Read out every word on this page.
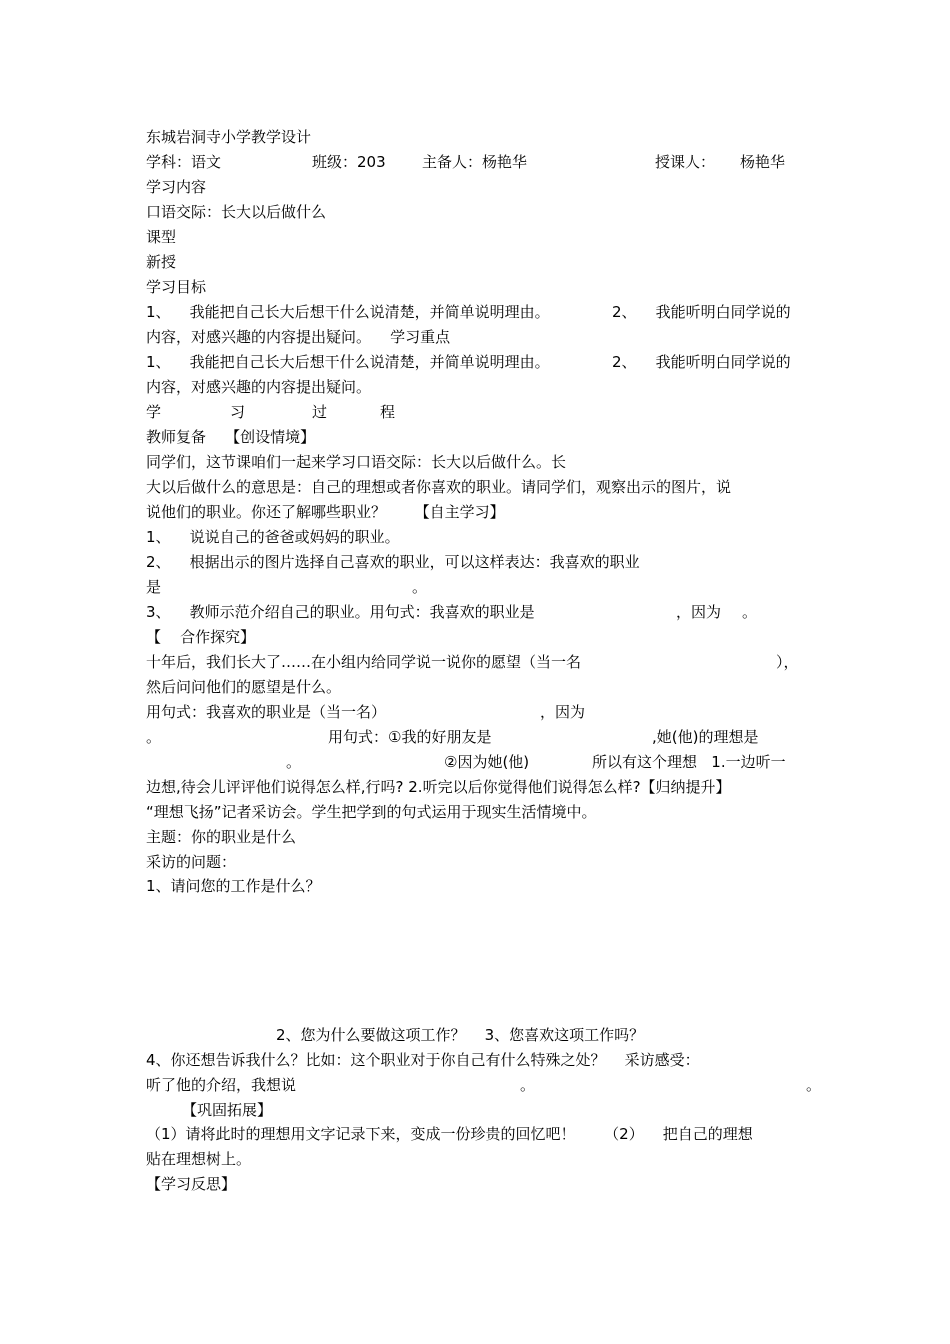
东城岩洞寺小学教学设计

学科：语文

	班级：203

主备人：杨艳华

	授课人：

杨艳华

学习内容
口语交际：长大以后做什么
课型
新授
学习目标

1、    我能把自己长大后想干什么说清楚，并简单说明理由。

	2、    我能听明白同学说的

内容，对感兴趣的内容提出疑问。    学习重点

1、    我能把自己长大后想干什么说清楚，并简单说明理由。

	2、    我能听明白同学说的

内容，对感兴趣的内容提出疑问。

学

	习

	过

	程

教师复备    【创设情境】
同学们，这节课咱们一起来学习口语交际：长大以后做什么。长
大以后做什么的意思是：自己的理想或者你喜欢的职业。请同学们，观察出示的图片，说
说他们的职业。你还了解哪些职业？      【自主学习】
1、    说说自己的爸爸或妈妈的职业。
2、    根据出示的图片选择自己喜欢的职业，可以这样表达：我喜欢的职业

是

	。

3、    教师示范介绍自己的职业。用句式：我喜欢的职业是

	，因为

。

【    合作探究】

十年后，我们长大了……在小组内给同学说一说你的愿望（当一名

	），

然后问问他们的愿望是什么。

用句式：我喜欢的职业是（当一名）

	，因为

。

	用句式：①我的好朋友是

	,她(他)的理想是

。

	②因为她(他)

	所以有这个理想   1.一边听一

边想,待会儿评评他们说得怎么样,行吗? 2.听完以后你觉得他们说得怎么样?【归纳提升】
“理想飞扬”记者采访会。学生把学到的句式运用于现实生活情境中。
主题：你的职业是什么
采访的问题：
1、请问您的工作是什么？
2、您为什么要做这项工作？    3、您喜欢这项工作吗？
4、你还想告诉我什么？比如：这个职业对于你自己有什么特殊之处？    采访感受：

听了他的介绍，我想说

	。

	。

【巩固拓展】
（1）请将此时的理想用文字记录下来，变成一份珍贵的回忆吧！      （2）    把自己的理想
贴在理想树上。
【学习反思】
